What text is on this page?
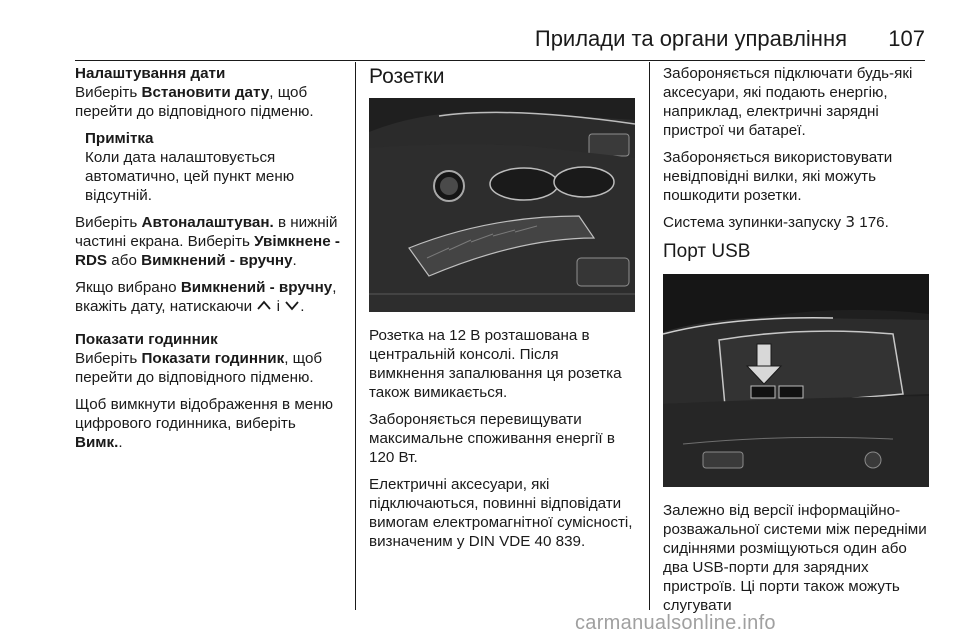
Прилади та органи управління 107
Налаштування дати

Виберіть Встановити дату, щоб перейти до відповідного підменю.

Примітка
Коли дата налаштовується автоматично, цей пункт меню відсутній.

Виберіть Автоналаштуван. в нижній частині екрана. Виберіть Увімкнене - RDS або Вимкнений - вручну.

Якщо вибрано Вимкнений - вручну, вкажіть дату, натискаючи  і .

Показати годинник

Виберіть Показати годинник, щоб перейти до відповідного підменю.

Щоб вимкнути відображення в меню цифрового годинника, виберіть Вимк..

Розетки

Розетка на 12 В розташована в центральній консолі. Після вимкнення запалювання ця розетка також вимикається.

Забороняється перевищувати максимальне споживання енергії в 120 Вт.

Електричні аксесуари, які підключаються, повинні відповідати вимогам електромагнітної сумісності, визначеним у DIN VDE 40 839.

Забороняється підключати будь-які аксесуари, які подають енергію, наприклад, електричні зарядні пристрої чи батареї.

Забороняється використовувати невідповідні вилки, які можуть пошкодити розетки.

Система зупинки-запуску 3 176.

Порт USB

Залежно від версії інформаційно-розважальної системи між передніми сидіннями розміщуються один або два USB-порти для зарядних пристроїв. Ці порти також можуть слугувати

carmanualsonline.info
